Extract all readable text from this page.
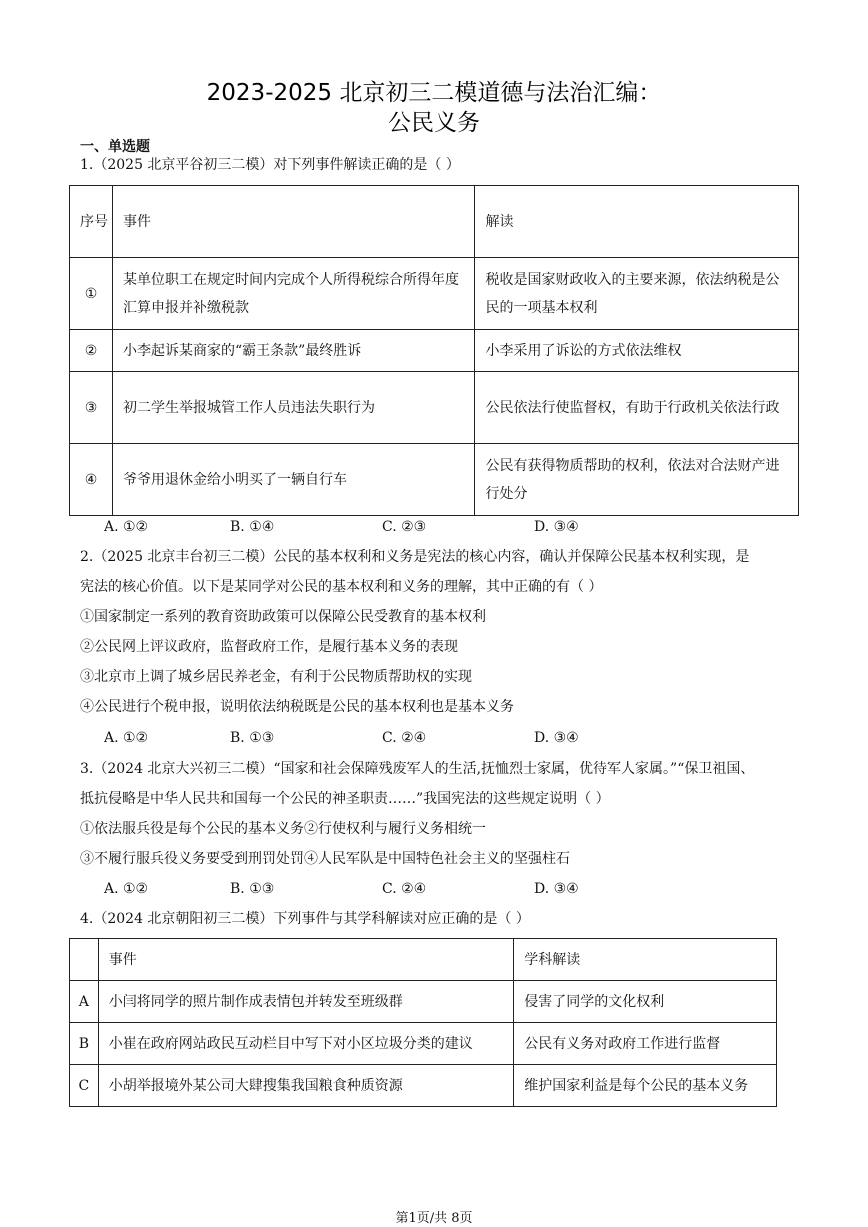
2023-2025 北京初三二模道德与法治汇编：
公民义务
一、单选题
1.（2025 北京平谷初三二模）对下列事件解读正确的是（ ）
序号	事件	解读
①	某单位职工在规定时间内完成个人所得税综合所得年度汇算申报并补缴税款	税收是国家财政收入的主要来源，依法纳税是公民的一项基本权利
②	小李起诉某商家的“霸王条款”最终胜诉	小李采用了诉讼的方式依法维权
③	初二学生举报城管工作人员违法失职行为	公民依法行使监督权，有助于行政机关依法行政
④	爷爷用退休金给小明买了一辆自行车	公民有获得物质帮助的权利，依法对合法财产进行处分
A. ①②	B. ①④	C. ②③	D. ③④
2.（2025 北京丰台初三二模）公民的基本权利和义务是宪法的核心内容，确认并保障公民基本权利实现，是
宪法的核心价值。以下是某同学对公民的基本权利和义务的理解，其中正确的有（ ）
①国家制定一系列的教育资助政策可以保障公民受教育的基本权利
②公民网上评议政府，监督政府工作，是履行基本义务的表现
③北京市上调了城乡居民养老金，有利于公民物质帮助权的实现
④公民进行个税申报，说明依法纳税既是公民的基本权利也是基本义务
A. ①②	B. ①③	C. ②④	D. ③④
3.（2024 北京大兴初三二模）“国家和社会保障残废军人的生活,抚恤烈士家属，优待军人家属。”“保卫祖国、
抵抗侵略是中华人民共和国每一个公民的神圣职责……”我国宪法的这些规定说明（ ）
①依法服兵役是每个公民的基本义务②行使权利与履行义务相统一
③不履行服兵役义务要受到刑罚处罚④人民军队是中国特色社会主义的坚强柱石
A. ①②	B. ①③	C. ②④	D. ③④
4.（2024 北京朝阳初三二模）下列事件与其学科解读对应正确的是（ ）
	事件	学科解读
A	小闫将同学的照片制作成表情包并转发至班级群	侵害了同学的文化权利
B	小崔在政府网站政民互动栏目中写下对小区垃圾分类的建议	公民有义务对政府工作进行监督
C	小胡举报境外某公司大肆搜集我国粮食种质资源	维护国家利益是每个公民的基本义务
第1页/共 8页
